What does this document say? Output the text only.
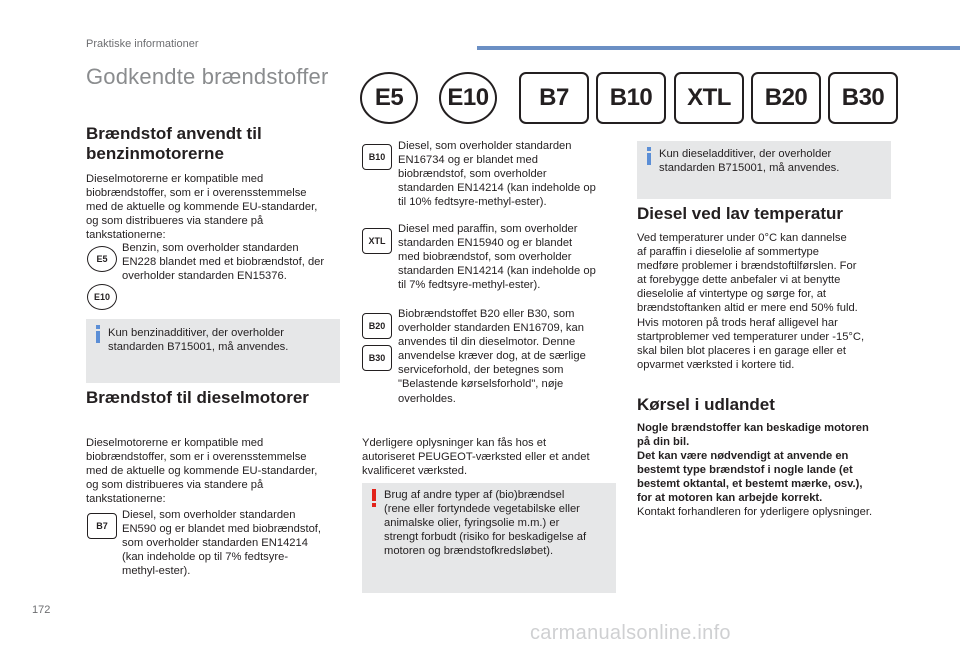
Praktiske informationer
Godkendte brændstoffer
E5	E10	B7	B10	XTL	B20	B30
Brændstof anvendt til
benzinmotorerne
Dieselmotorerne er kompatible med
biobrændstoffer, som er i overensstemmelse
med de aktuelle og kommende EU-standarder,
og som distribueres via standere på
tankstationerne:
E5
E10
Benzin, som overholder standarden
EN228 blandet med et biobrændstof, der
overholder standarden EN15376.
Kun benzinadditiver, der overholder
standarden B715001, må anvendes.
Brændstof til dieselmotorer
Dieselmotorerne er kompatible med
biobrændstoffer, som er i overensstemmelse
med de aktuelle og kommende EU-standarder,
og som distribueres via standere på
tankstationerne:
B7
Diesel, som overholder standarden
EN590 og er blandet med biobrændstof,
som overholder standarden EN14214
(kan indeholde op til 7% fedtsyre-
methyl-ester).
B10
Diesel, som overholder standarden
EN16734 og er blandet med
biobrændstof, som overholder
standarden EN14214 (kan indeholde op
til 10% fedtsyre-methyl-ester).
XTL
Diesel med paraffin, som overholder
standarden EN15940 og er blandet
med biobrændstof, som overholder
standarden EN14214 (kan indeholde op
til 7% fedtsyre-methyl-ester).
B20
B30
Biobrændstoffet B20 eller B30, som
overholder standarden EN16709, kan
anvendes til din dieselmotor. Denne
anvendelse kræver dog, at de særlige
serviceforhold, der betegnes som
"Belastende kørselsforhold", nøje
overholdes.
Yderligere oplysninger kan fås hos et
autoriseret PEUGEOT-værksted eller et andet
kvalificeret værksted.
Brug af andre typer af (bio)brændsel
(rene eller fortyndede vegetabilske eller
animalske olier, fyringsolie m.m.) er
strengt forbudt (risiko for beskadigelse af
motoren og brændstofkredsløbet).
Kun dieseladditiver, der overholder
standarden B715001, må anvendes.
Diesel ved lav temperatur
Ved temperaturer under 0°C kan dannelse
af paraffin i dieselolie af sommertype
medføre problemer i brændstoftilførslen. For
at forebygge dette anbefaler vi at benytte
dieselolie af vintertype og sørge for, at
brændstoftanken altid er mere end 50% fuld.
Hvis motoren på trods heraf alligevel har
startproblemer ved temperaturer under -15°C,
skal bilen blot placeres i en garage eller et
opvarmet værksted i kortere tid.
Kørsel i udlandet
Nogle brændstoffer kan beskadige motoren
på din bil.
Det kan være nødvendigt at anvende en
bestemt type brændstof i nogle lande (et
bestemt oktantal, et bestemt mærke, osv.),
for at motoren kan arbejde korrekt.
Kontakt forhandleren for yderligere oplysninger.
172
carmanualsonline.info
